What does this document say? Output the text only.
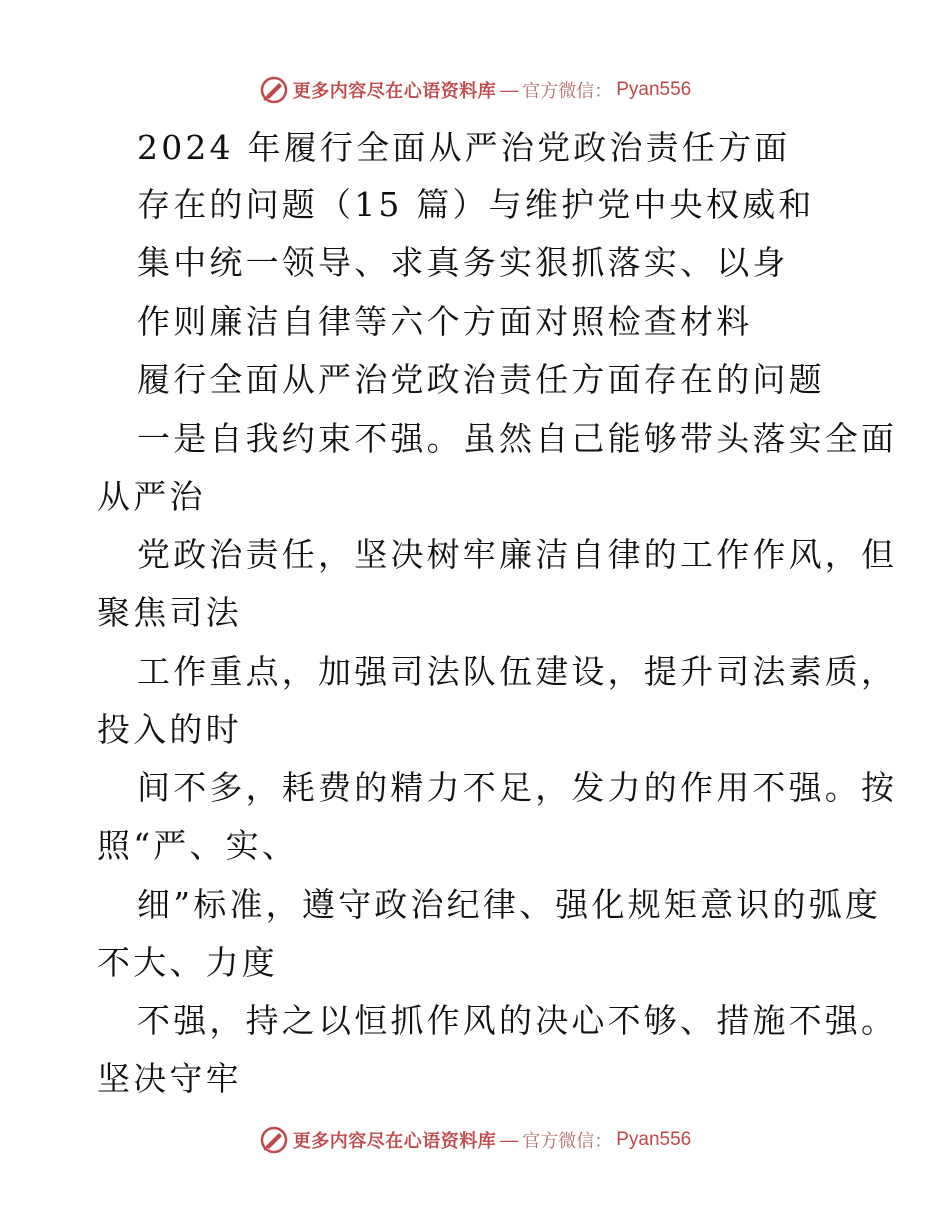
更多内容尽在心语资料库 — 官方微信： Pyan556
2024 年履行全面从严治党政治责任方面
存在的问题（15 篇）与维护党中央权威和
集中统一领导、求真务实狠抓落实、以身
作则廉洁自律等六个方面对照检查材料
履行全面从严治党政治责任方面存在的问题
一是自我约束不强。虽然自己能够带头落实全面
从严治
党政治责任，坚决树牢廉洁自律的工作作风，但
聚焦司法
工作重点，加强司法队伍建设，提升司法素质，
投入的时
间不多，耗费的精力不足，发力的作用不强。按
照“严、实、
细”标准，遵守政治纪律、强化规矩意识的弧度
不大、力度
不强，持之以恒抓作风的决心不够、措施不强。
坚决守牢
更多内容尽在心语资料库 — 官方微信： Pyan556
